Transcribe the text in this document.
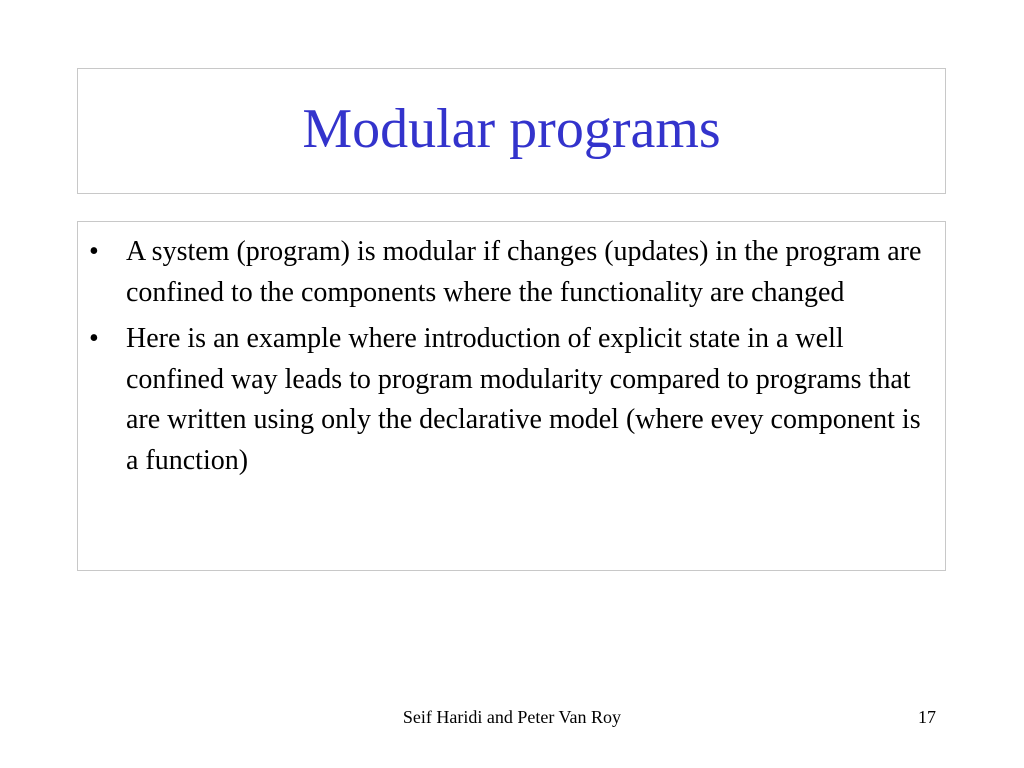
Modular programs
• A system (program) is modular if changes (updates) in the program are confined to the components where the functionality are changed
• Here is an example where introduction of explicit state in a well confined way leads to program modularity compared to programs that are written using only the declarative model (where evey component is a function)
Seif Haridi and Peter Van Roy	17
